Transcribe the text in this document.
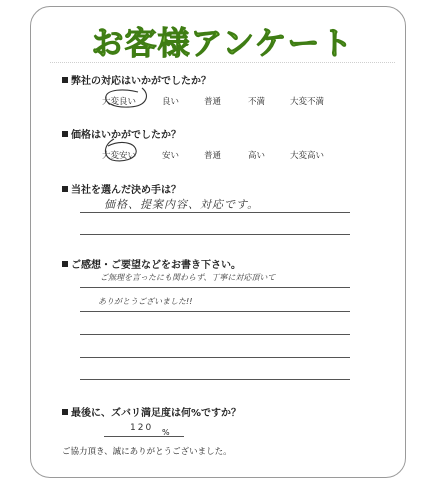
お客様アンケート
弊社の対応はいかがでしたか？
大変良い	良い	普通	不満	大変不満
価格はいかがでしたか？
大変安い	安い	普通	高い	大変高い
当社を選んだ決め手は？
価格、提案内容、対応です。
ご感想・ご要望などをお書き下さい。
ご無理を言ったにも関わらず、丁寧に対応頂いて
ありがとうございました!!
最後に、ズバリ満足度は何%ですか？
120 %
ご協力頂き、誠にありがとうございました。
